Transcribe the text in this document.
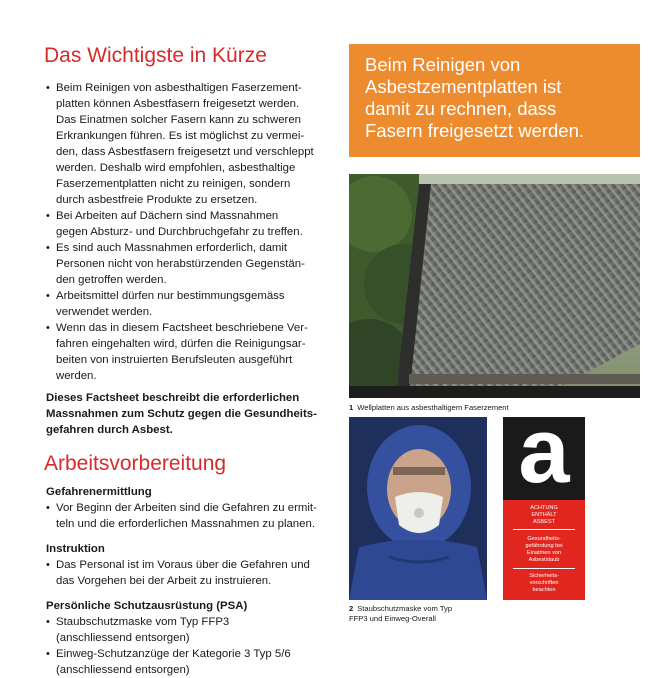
Das Wichtigste in Kürze
• Beim Reinigen von asbesthaltigen Faserzement-
platten können Asbestfasern freigesetzt werden.
Das Einatmen solcher Fasern kann zu schweren
Erkrankungen führen. Es ist möglichst zu vermei-
den, dass Asbestfasern freigesetzt und verschleppt
werden. Deshalb wird empfohlen, asbesthaltige
Faserzementplatten nicht zu reinigen, sondern
durch asbestfreie Produkte zu ersetzen.
• Bei Arbeiten auf Dächern sind Massnahmen
gegen Absturz- und Durchbruchgefahr zu treffen.
• Es sind auch Massnahmen erforderlich, damit
Personen nicht von herabstürzenden Gegenstän-
den getroffen werden.
• Arbeitsmittel dürfen nur bestimmungsgemäss
verwendet werden.
• Wenn das in diesem Factsheet beschriebene Ver-
fahren eingehalten wird, dürfen die Reinigungsar-
beiten von instruierten Berufsleuten ausgeführt
werden.

Dieses Factsheet beschreibt die erforderlichen
Massnahmen zum Schutz gegen die Gesundheits-
gefahren durch Asbest.

Arbeitsvorbereitung

Gefahrenermittlung

• Vor Beginn der Arbeiten sind die Gefahren zu ermit-
teln und die erforderlichen Massnahmen zu planen.

Instruktion

• Das Personal ist im Voraus über die Gefahren und
das Vorgehen bei der Arbeit zu instruieren.

Persönliche Schutzausrüstung (PSA)

• Staubschutzmaske vom Typ FFP3
(anschliessend entsorgen)
• Einweg-Schutzanzüge der Kategorie 3 Typ 5/6
(anschliessend entsorgen)
Beim Reinigen von
Asbestzementplatten ist
damit zu rechnen, dass
Fasern freigesetzt werden.
1 Wellplatten aus asbesthaltigem Faserzement
2 Staubschutzmaske vom Typ
FFP3 und Einweg-Overall
a
ACHTUNG
ENTHÄLT
ASBEST
Gesundheits-
gefährdung bei
Einatmen von
Asbeststaub
Sicherheits-
vorschriften
beachten
